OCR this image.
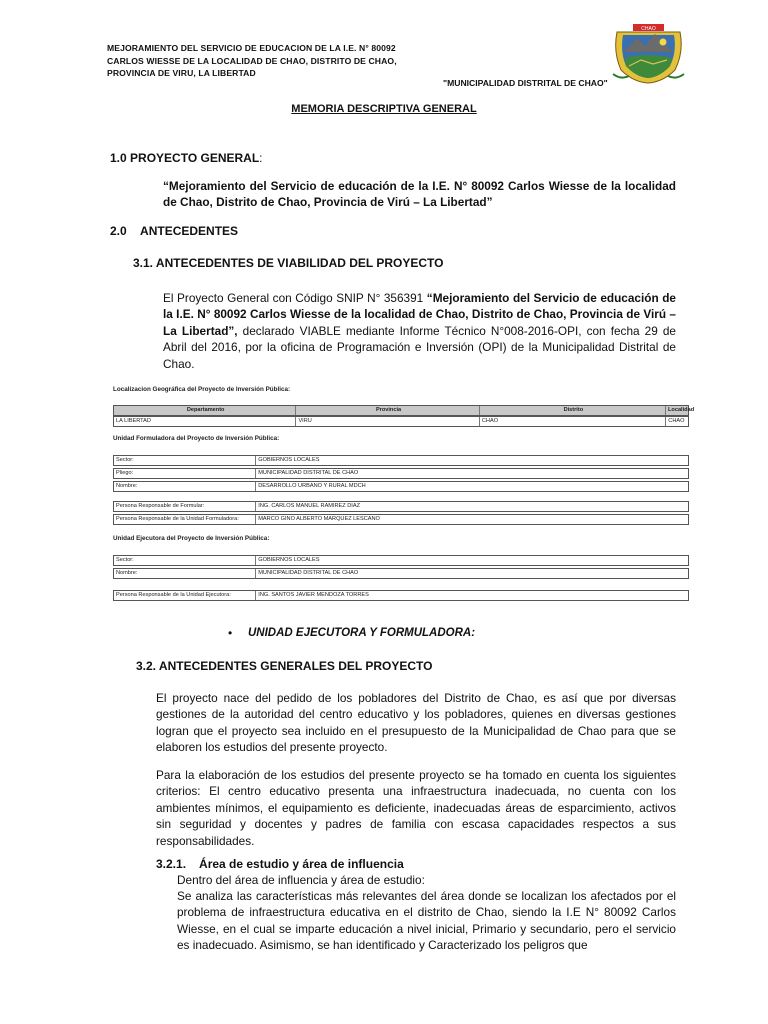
MEJORAMIENTO DEL SERVICIO DE EDUCACION DE LA I.E. N° 80092 CARLOS WIESSE DE LA LOCALIDAD DE CHAO, DISTRITO DE CHAO, PROVINCIA DE VIRU, LA LIBERTAD
"MUNICIPALIDAD DISTRITAL DE CHAO"
CHAO
MEMORIA DESCRIPTIVA GENERAL
1.0 PROYECTO GENERAL:
“Mejoramiento del Servicio de educación de la I.E. N° 80092 Carlos Wiesse de la localidad de Chao, Distrito de Chao, Provincia de Virú – La Libertad”
2.0 ANTECEDENTES
3.1. ANTECEDENTES DE VIABILIDAD DEL PROYECTO
El Proyecto General con Código SNIP N° 356391 “Mejoramiento del Servicio de educación de la I.E. N° 80092 Carlos Wiesse de la localidad de Chao, Distrito de Chao, Provincia de Virú – La Libertad”, declarado VIABLE mediante Informe Técnico N°008-2016-OPI, con fecha 29 de Abril del 2016, por la oficina de Programación e Inversión (OPI) de la Municipalidad Distrital de Chao.
Localizacion Geográfica del Proyecto de Inversión Pública:
Departamento	Provincia	Distrito	Localidad
LA LIBERTAD	VIRU	CHAO	CHAO
Unidad Formuladora del Proyecto de Inversión Pública:
Sector:	GOBIERNOS LOCALES
Pliego:	MUNICIPALIDAD DISTRITAL DE CHAO
Nombre:	DESARROLLO URBANO Y RURAL MDCH
Persona Responsable de Formular:	ING. CARLOS MANUEL RAMIREZ DIAZ
Persona Responsable de la Unidad Formuladora:	MARCO GINO ALBERTO MARQUEZ LESCANO
Unidad Ejecutora del Proyecto de Inversión Pública:
Sector:	GOBIERNOS LOCALES
Nombre:	MUNICIPALIDAD DISTRITAL DE CHAO
Persona Responsable de la Unidad Ejecutora:	ING. SANTOS JAVIER MENDOZA TORRES
• UNIDAD EJECUTORA Y FORMULADORA:
3.2. ANTECEDENTES GENERALES DEL PROYECTO
El proyecto nace del pedido de los pobladores del Distrito de Chao, es así que por diversas gestiones de la autoridad del centro educativo y los pobladores, quienes en diversas gestiones logran que el proyecto sea incluido en el presupuesto de la Municipalidad de Chao para que se elaboren los estudios del presente proyecto.
Para la elaboración de los estudios del presente proyecto se ha tomado en cuenta los siguientes criterios: El centro educativo presenta una infraestructura inadecuada, no cuenta con los ambientes mínimos, el equipamiento es deficiente, inadecuadas áreas de esparcimiento, activos sin seguridad y docentes y padres de familia con escasa capacidades respectos a sus responsabilidades.
3.2.1. Área de estudio y área de influencia
Dentro del área de influencia y área de estudio:
Se analiza las características más relevantes del área donde se localizan los afectados por el problema de infraestructura educativa en el distrito de Chao, siendo la I.E N° 80092 Carlos Wiesse, en el cual se imparte educación a nivel inicial, Primario y secundario, pero el servicio es inadecuado. Asimismo, se han identificado y Caracterizado los peligros que
